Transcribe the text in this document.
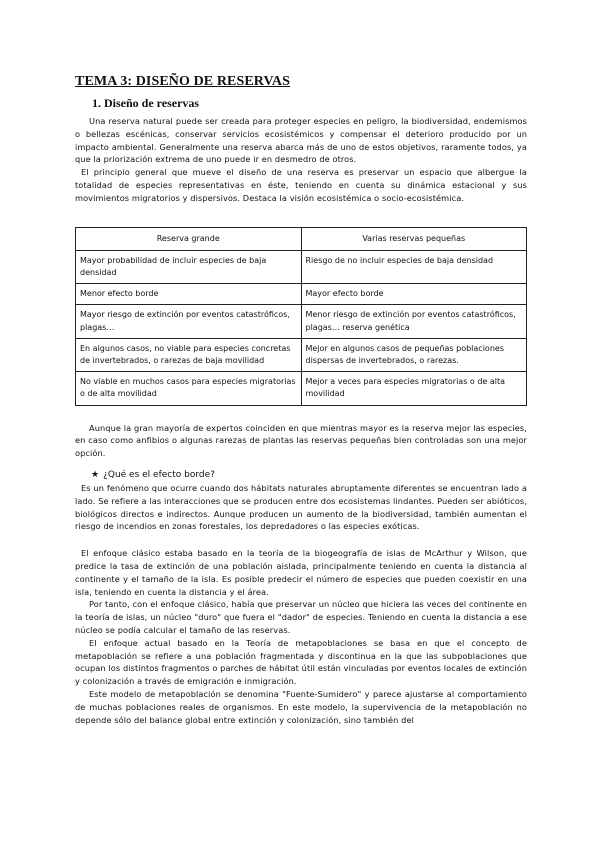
TEMA 3: DISEÑO DE RESERVAS
1. Diseño de reservas

Una reserva natural puede ser creada para proteger especies en peligro, la biodiversidad, endemismos o bellezas escénicas, conservar servicios ecosistémicos y compensar el deterioro producido por un impacto ambiental. Generalmente una reserva abarca más de uno de estos objetivos, raramente todos, ya que la priorización extrema de uno puede ir en desmedro de otros.

El principio general que mueve el diseño de una reserva es preservar un espacio que albergue la totalidad de especies representativas en éste, teniendo en cuenta su dinámica estacional y sus movimientos migratorios y dispersivos. Destaca la visión ecosistémica o socio-ecosistémica.

Reserva grande	Varias reservas pequeñas
Mayor probabilidad de incluir especies de baja densidad	Riesgo de no incluir especies de baja densidad
Menor efecto borde	Mayor efecto borde
Mayor riesgo de extinción por eventos catastróficos, plagas…	Menor riesgo de extinción por eventos catastróficos, plagas… reserva genética
En algunos casos, no viable para especies concretas de invertebrados, o rarezas de baja movilidad	Mejor en algunos casos de pequeñas poblaciones dispersas de invertebrados, o rarezas.
No viable en muchos casos para especies migratorias o de alta movilidad	Mejor a veces para especies migratorias o de alta movilidad

Aunque la gran mayoría de expertos coinciden en que mientras mayor es la reserva mejor las especies, en caso como anfibios o algunas rarezas de plantas las reservas pequeñas bien controladas son una mejor opción.

★ ¿Qué es el efecto borde?

Es un fenómeno que ocurre cuando dos hábitats naturales abruptamente diferentes se encuentran lado a lado. Se refiere a las interacciones que se producen entre dos ecosistemas lindantes. Pueden ser abióticos, biológicos directos e indirectos. Aunque producen un aumento de la biodiversidad, también aumentan el riesgo de incendios en zonas forestales, los depredadores o las especies exóticas.

El enfoque clásico estaba basado en la teoría de la biogeografía de islas de McArthur y Wilson, que predice la tasa de extinción de una población aislada, principalmente teniendo en cuenta la distancia al continente y el tamaño de la isla. Es posible predecir el número de especies que pueden coexistir en una isla, teniendo en cuenta la distancia y el área.

Por tanto, con el enfoque clásico, había que preservar un núcleo que hiciera las veces del continente en la teoría de islas, un núcleo "duro" que fuera el "dador" de especies. Teniendo en cuenta la distancia a ese núcleo se podía calcular el tamaño de las reservas.

El enfoque actual basado en la Teoría de metapoblaciones se basa en que el concepto de metapoblación se refiere a una población fragmentada y discontinua en la que las subpoblaciones que ocupan los distintos fragmentos o parches de hábitat útil están vinculadas por eventos locales de extinción y colonización a través de emigración e inmigración.

Este modelo de metapoblación se denomina "Fuente-Sumidero" y parece ajustarse al comportamiento de muchas poblaciones reales de organismos. En este modelo, la supervivencia de la metapoblación no depende sólo del balance global entre extinción y colonización, sino también del
